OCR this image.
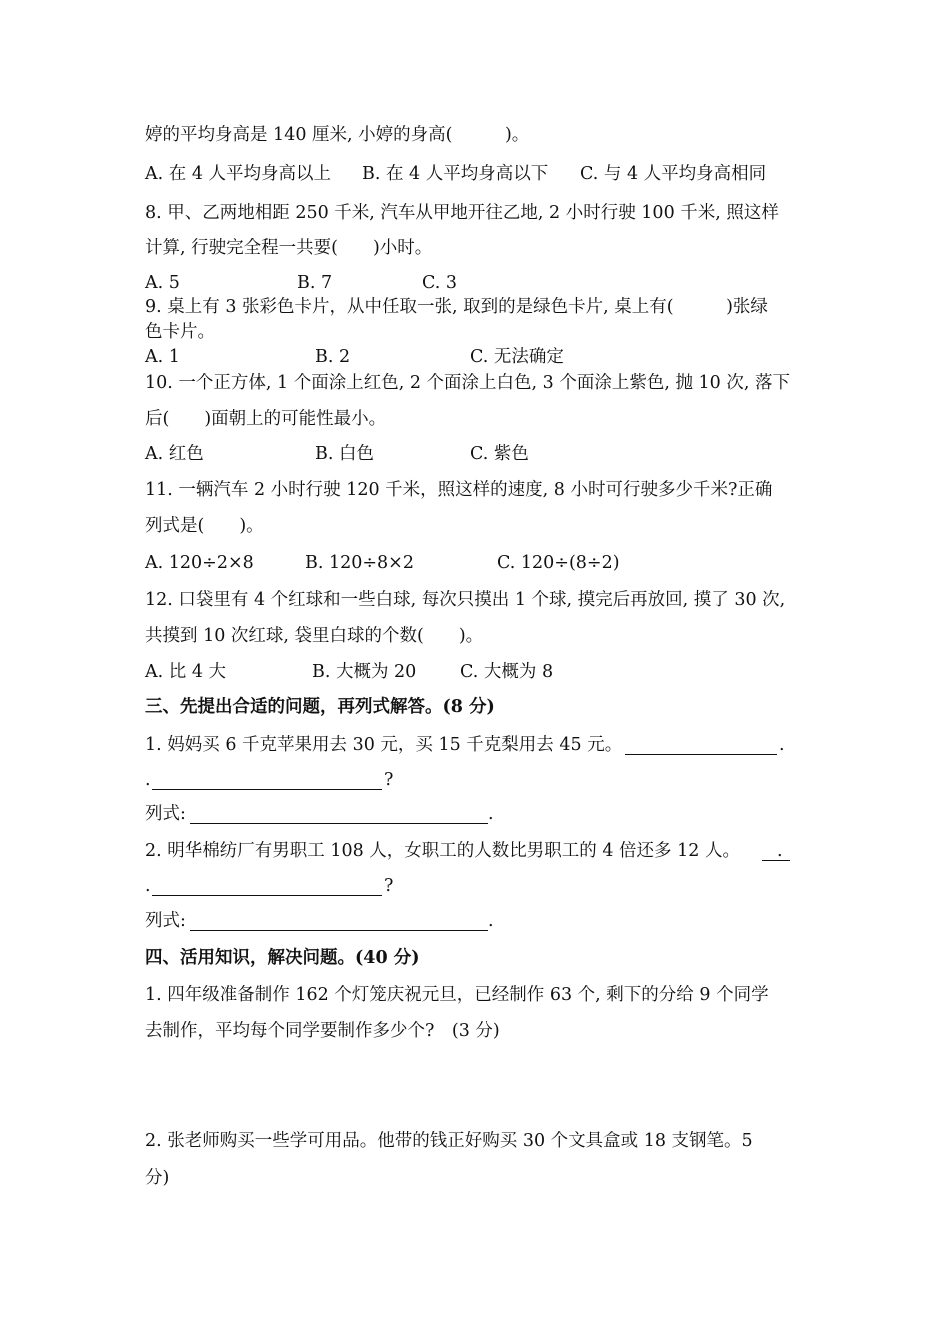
婷的平均身高是 140 厘米, 小婷的身高(　　　)。
A. 在 4 人平均身高以上 B. 在 4 人平均身高以下 C. 与 4 人平均身高相同
8. 甲、乙两地相距 250 千米, 汽车从甲地开往乙地, 2 小时行驶 100 千米, 照这样
计算, 行驶完全程一共要(　　)小时。
A. 5	B. 7	C. 3
9. 桌上有 3 张彩色卡片，从中任取一张, 取到的是绿色卡片, 桌上有(　　　)张绿
色卡片。
A. 1	B. 2	C. 无法确定
10. 一个正方体, 1 个面涂上红色, 2 个面涂上白色, 3 个面涂上紫色, 抛 10 次, 落下
后(　　)面朝上的可能性最小。
A. 红色	B. 白色	C. 紫色
11. 一辆汽车 2 小时行驶 120 千米，照这样的速度, 8 小时可行驶多少千米?正确
列式是(　　)。
A. 120÷2×8	B. 120÷8×2	C. 120÷(8÷2)
12. 口袋里有 4 个红球和一些白球, 每次只摸出 1 个球, 摸完后再放回, 摸了 30 次,
共摸到 10 次红球, 袋里白球的个数(　　)。
A. 比 4 大	B. 大概为 20 C. 大概为 8
三、先提出合适的问题，再列式解答。(8 分)
1. 妈妈买 6 千克苹果用去 30 元，买 15 千克梨用去 45 元。	.
.	?
列式:	.
2. 明华棉纺厂有男职工 108 人，女职工的人数比男职工的 4 倍还多 12 人。 .
.	?
列式:	.
四、活用知识，解决问题。(40 分)
1. 四年级准备制作 162 个灯笼庆祝元旦，已经制作 63 个, 剩下的分给 9 个同学
去制作，平均每个同学要制作多少个?　(3 分)
2. 张老师购买一些学可用品。他带的钱正好购买 30 个文具盒或 18 支钢笔。5
分)
